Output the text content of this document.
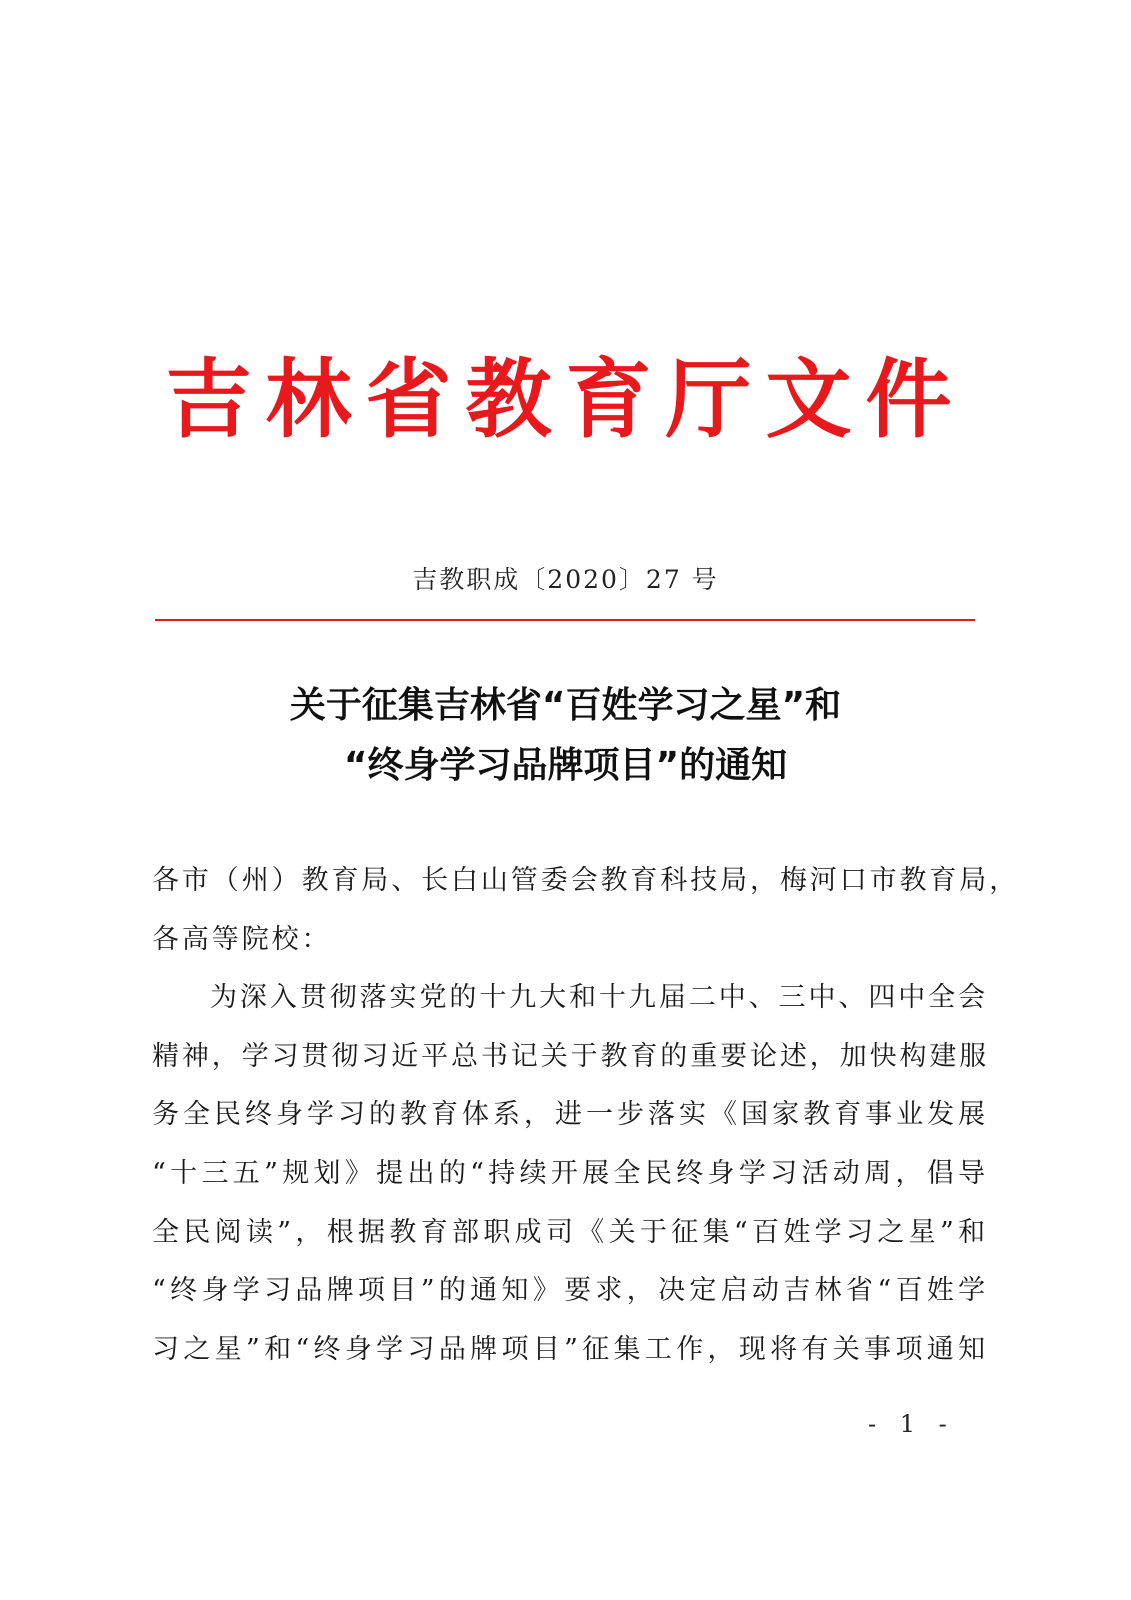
吉林省教育厅文件
吉教职成〔2020〕27 号
关于征集吉林省“百姓学习之星”和
“终身学习品牌项目”的通知
各市（州）教育局、长白山管委会教育科技局，梅河口市教育局，
各高等院校：
为深入贯彻落实党的十九大和十九届二中、三中、四中全会
精神，学习贯彻习近平总书记关于教育的重要论述，加快构建服
务全民终身学习的教育体系，进一步落实《国家教育事业发展
“十三五”规划》提出的“持续开展全民终身学习活动周，倡导
全民阅读”，根据教育部职成司《关于征集“百姓学习之星”和
“终身学习品牌项目”的通知》要求，决定启动吉林省“百姓学
习之星”和“终身学习品牌项目”征集工作，现将有关事项通知
- 1 -
